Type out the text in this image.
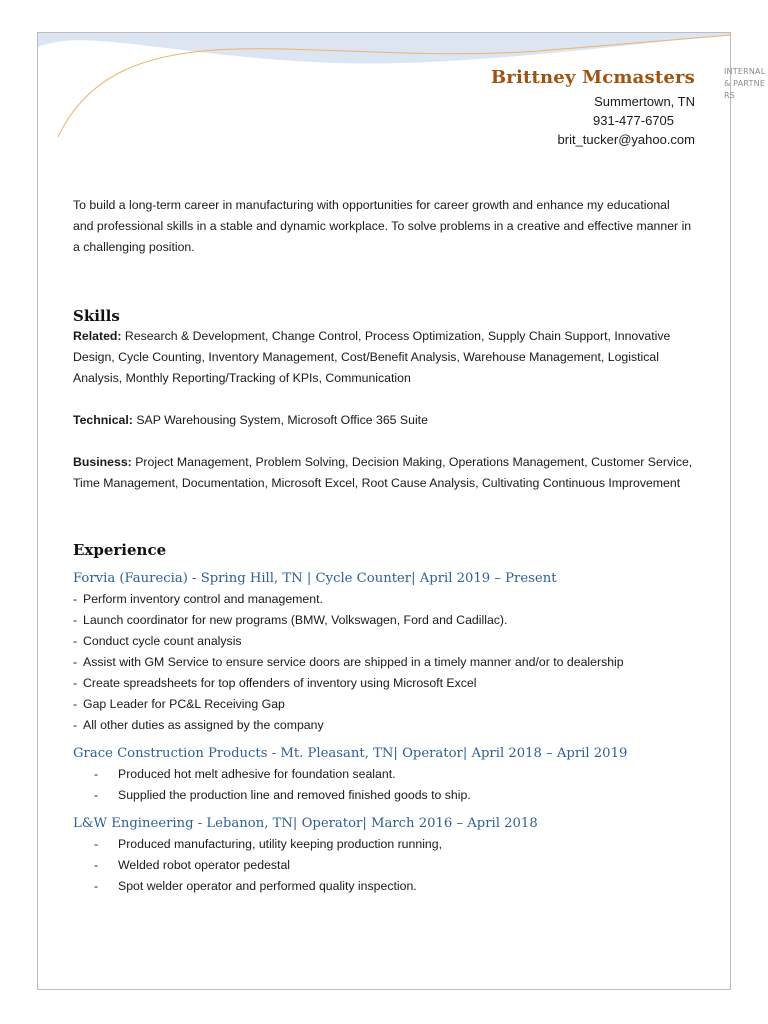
Brittney Mcmasters
Summertown, TN
931-477-6705
brit_tucker@yahoo.com

To build a long-term career in manufacturing with opportunities for career growth and enhance my educational and professional skills in a stable and dynamic workplace. To solve problems in a creative and effective manner in a challenging position.

Skills

Related: Research & Development, Change Control, Process Optimization, Supply Chain Support, Innovative Design, Cycle Counting, Inventory Management, Cost/Benefit Analysis, Warehouse Management, Logistical Analysis, Monthly Reporting/Tracking of KPIs, Communication

Technical: SAP Warehousing System, Microsoft Office 365 Suite

Business: Project Management, Problem Solving, Decision Making, Operations Management, Customer Service, Time Management, Documentation, Microsoft Excel, Root Cause Analysis, Cultivating Continuous Improvement

Experience
Forvia (Faurecia) - Spring Hill, TN | Cycle Counter| April 2019 – Present
- Perform inventory control and management.
- Launch coordinator for new programs (BMW, Volkswagen, Ford and Cadillac).
- Conduct cycle count analysis
- Assist with GM Service to ensure service doors are shipped in a timely manner and/or to dealership
- Create spreadsheets for top offenders of inventory using Microsoft Excel
- Gap Leader for PC&L Receiving Gap
- All other duties as assigned by the company
Grace Construction Products - Mt. Pleasant, TN| Operator| April 2018 – April 2019
- Produced hot melt adhesive for foundation sealant.
- Supplied the production line and removed finished goods to ship.
L&W Engineering - Lebanon, TN| Operator| March 2016 – April 2018
- Produced manufacturing, utility keeping production running,
- Welded robot operator pedestal
- Spot welder operator and performed quality inspection.
INTERNAL & PARTNERS
